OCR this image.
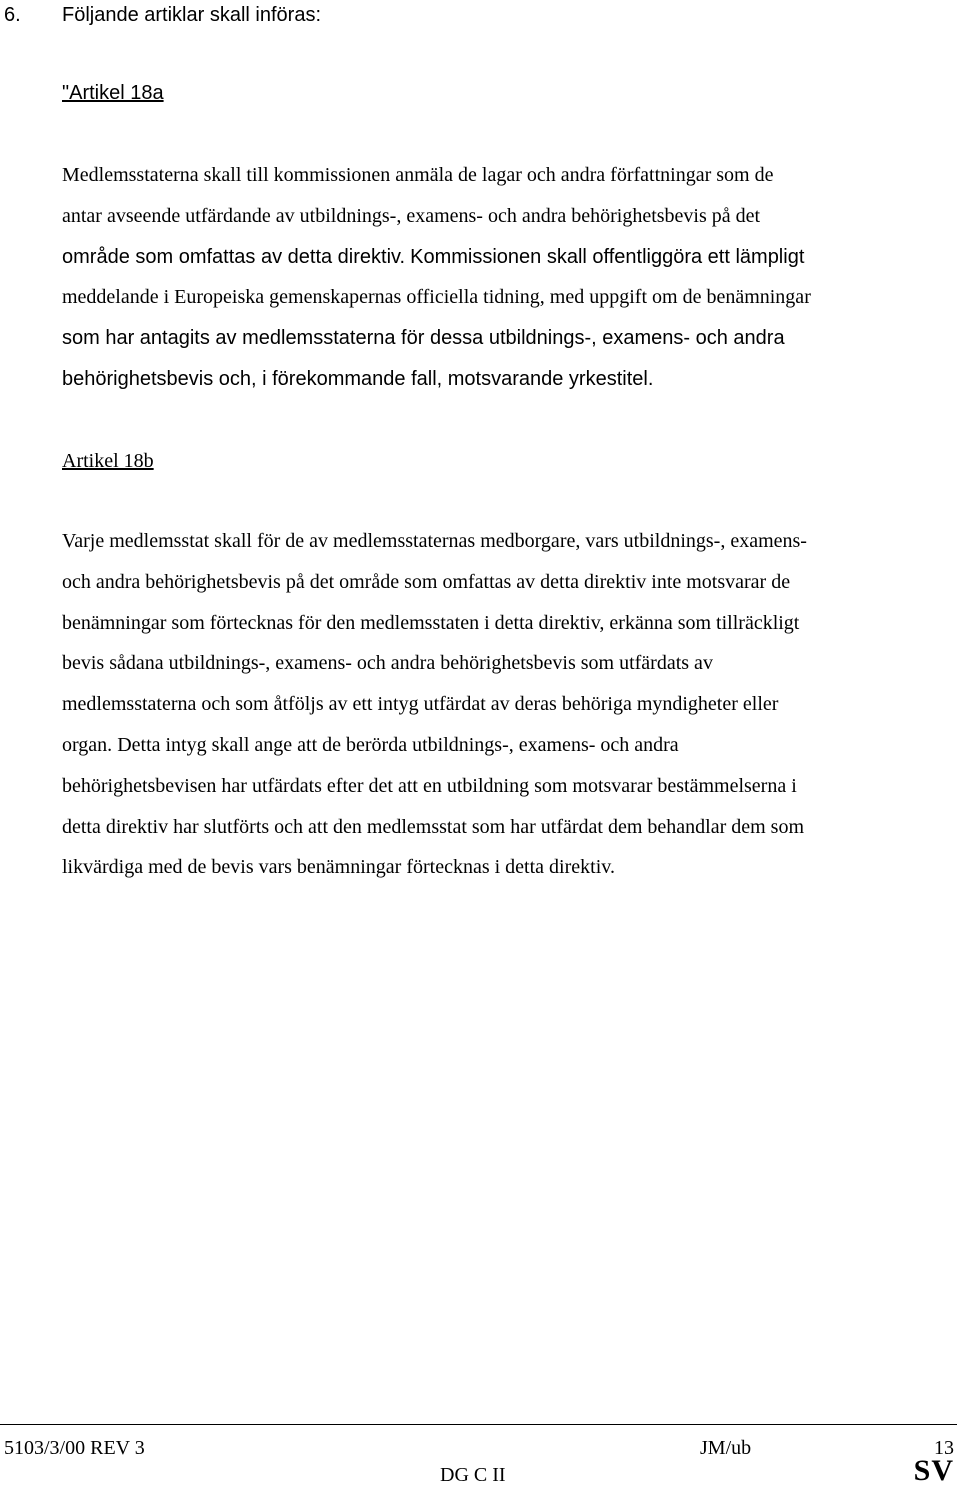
6. Följande artiklar skall införas:
"Artikel 18a
Medlemsstaterna skall till kommissionen anmäla de lagar och andra författningar som de
antar avseende utfärdande av utbildnings-, examens- och andra behörighetsbevis på det
område som omfattas av detta direktiv. Kommissionen skall offentliggöra ett lämpligt
meddelande i Europeiska gemenskapernas officiella tidning, med uppgift om de benämningar
som har antagits av medlemsstaterna för dessa utbildnings-, examens- och andra
behörighetsbevis och, i förekommande fall, motsvarande yrkestitel.
Artikel 18b
Varje medlemsstat skall för de av medlemsstaternas medborgare, vars utbildnings-, examens-
och andra behörighetsbevis på det område som omfattas av detta direktiv inte motsvarar de
benämningar som förtecknas för den medlemsstaten i detta direktiv, erkänna som tillräckligt
bevis sådana utbildnings-, examens- och andra behörighetsbevis som utfärdats av
medlemsstaterna och som åtföljs av ett intyg utfärdat av deras behöriga myndigheter eller
organ. Detta intyg skall ange att de berörda utbildnings-, examens- och andra
behörighetsbevisen har utfärdats efter det att en utbildning som motsvarar bestämmelserna i
detta direktiv har slutförts och att den medlemsstat som har utfärdat dem behandlar dem som
likvärdiga med de bevis vars benämningar förtecknas i detta direktiv.
5103/3/00 REV 3	JM/ub	13
DG C II	SV
